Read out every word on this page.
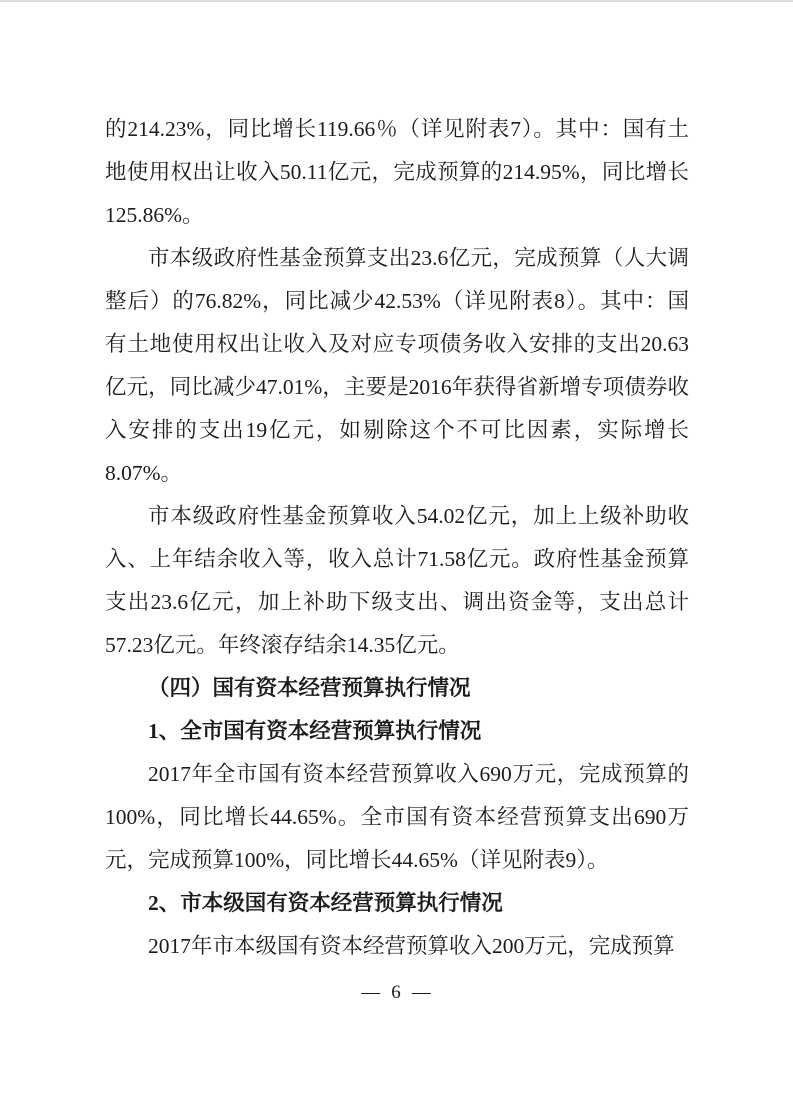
的214.23%，同比增长119.66％（详见附表7）。其中：国有土地使用权出让收入50.11亿元，完成预算的214.95%，同比增长125.86%。

市本级政府性基金预算支出23.6亿元，完成预算（人大调整后）的76.82%，同比减少42.53%（详见附表8）。其中：国有土地使用权出让收入及对应专项债务收入安排的支出20.63亿元，同比减少47.01%，主要是2016年获得省新增专项债券收入安排的支出19亿元，如剔除这个不可比因素，实际增长8.07%。

市本级政府性基金预算收入54.02亿元，加上上级补助收入、上年结余收入等，收入总计71.58亿元。政府性基金预算支出23.6亿元，加上补助下级支出、调出资金等，支出总计57.23亿元。年终滚存结余14.35亿元。

（四）国有资本经营预算执行情况
1、全市国有资本经营预算执行情况

2017年全市国有资本经营预算收入690万元，完成预算的100%，同比增长44.65%。全市国有资本经营预算支出690万元，完成预算100%，同比增长44.65%（详见附表9）。

2、市本级国有资本经营预算执行情况

2017年市本级国有资本经营预算收入200万元，完成预算

— 6 —
